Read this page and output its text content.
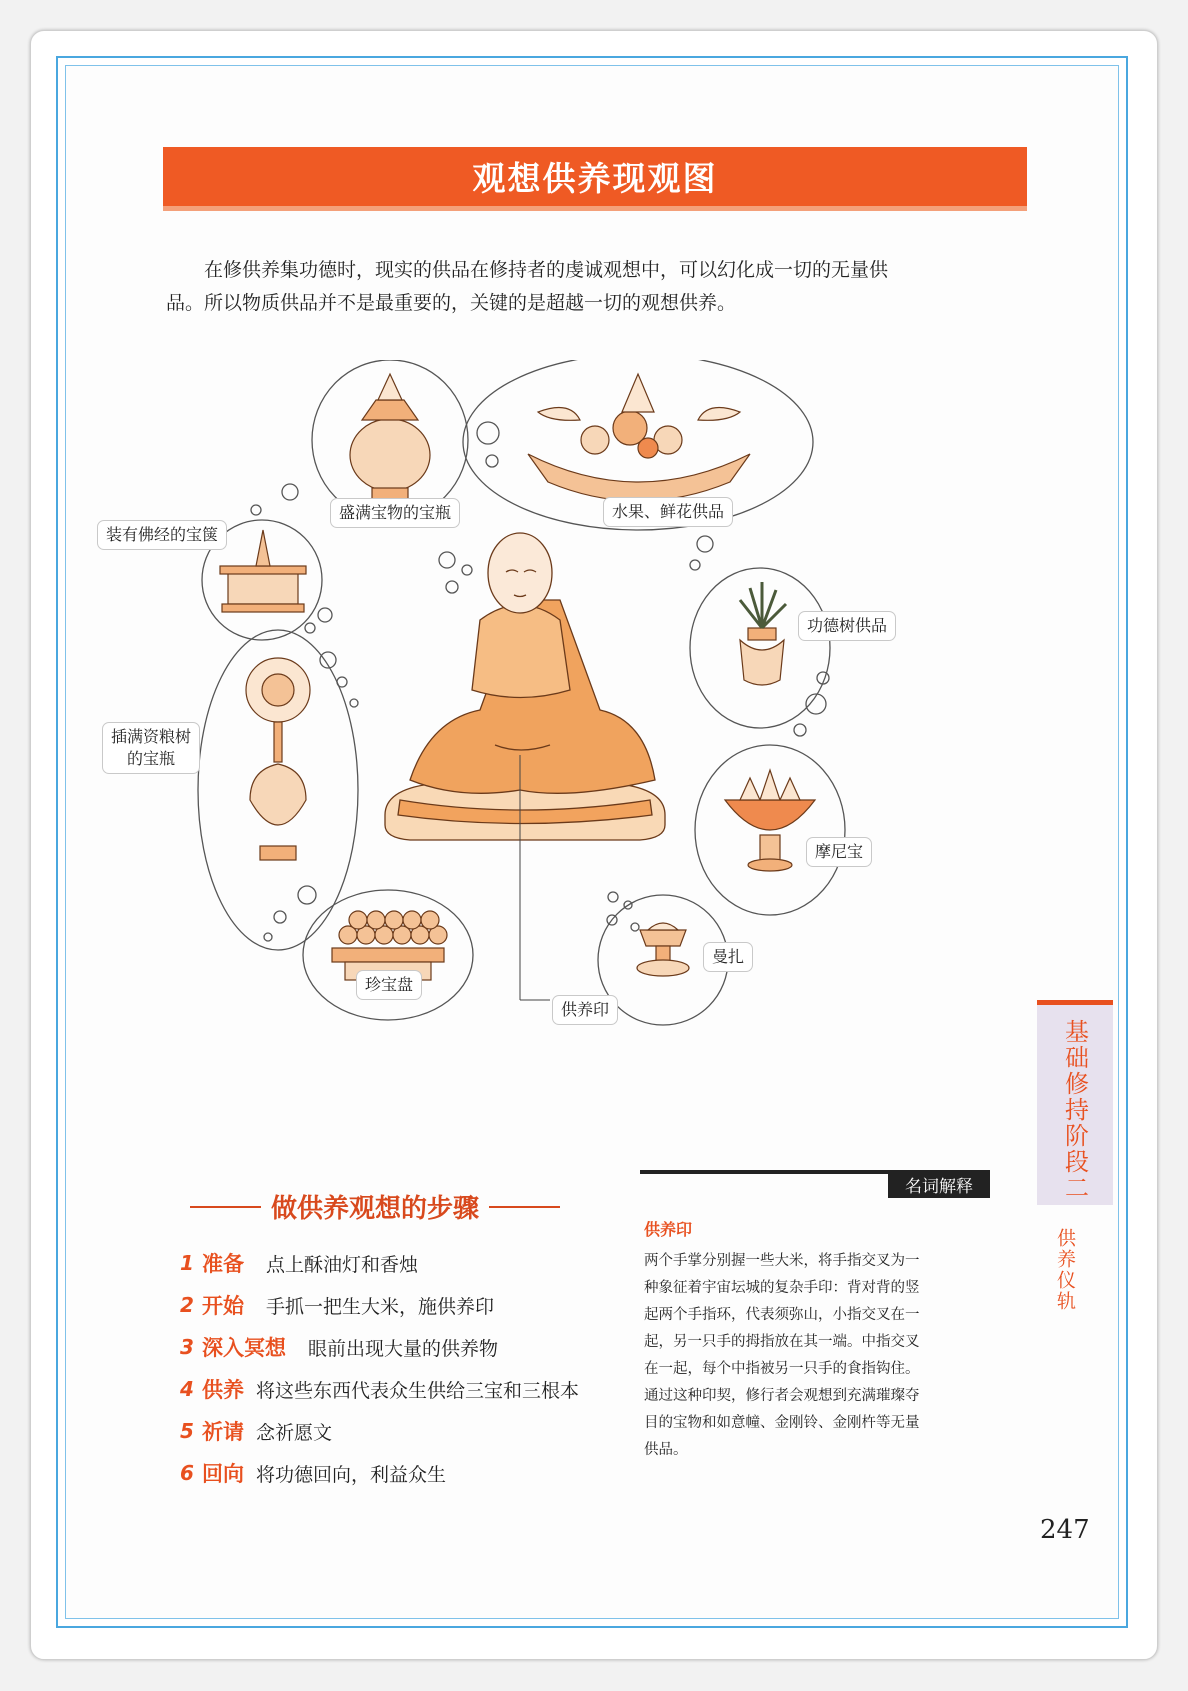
观想供养现观图
在修供养集功德时，现实的供品在修持者的虔诚观想中，可以幻化成一切的无量供
品。所以物质供品并不是最重要的，关键的是超越一切的观想供养。
装有佛经的宝箧
盛满宝物的宝瓶	水果、鲜花供品
功德树供品
插满资粮树
的宝瓶
摩尼宝
曼扎
珍宝盘
供养印
做供养观想的步骤
1 准备 点上酥油灯和香烛
2 开始 手抓一把生大米，施供养印
3 深入冥想 眼前出现大量的供养物
4 供养 将这些东西代表众生供给三宝和三根本
5 祈请 念祈愿文
6 回向 将功德回向，利益众生
名词解释
供养印
两个手掌分别握一些大米，将手指交叉为一
种象征着宇宙坛城的复杂手印：背对背的竖
起两个手指环，代表须弥山，小指交叉在一
起，另一只手的拇指放在其一端。中指交叉
在一起，每个中指被另一只手的食指钩住。
通过这种印契，修行者会观想到充满璀璨夺
目的宝物和如意幢、金刚铃、金刚杵等无量
供品。
基础修持阶段二
供养仪轨
247
